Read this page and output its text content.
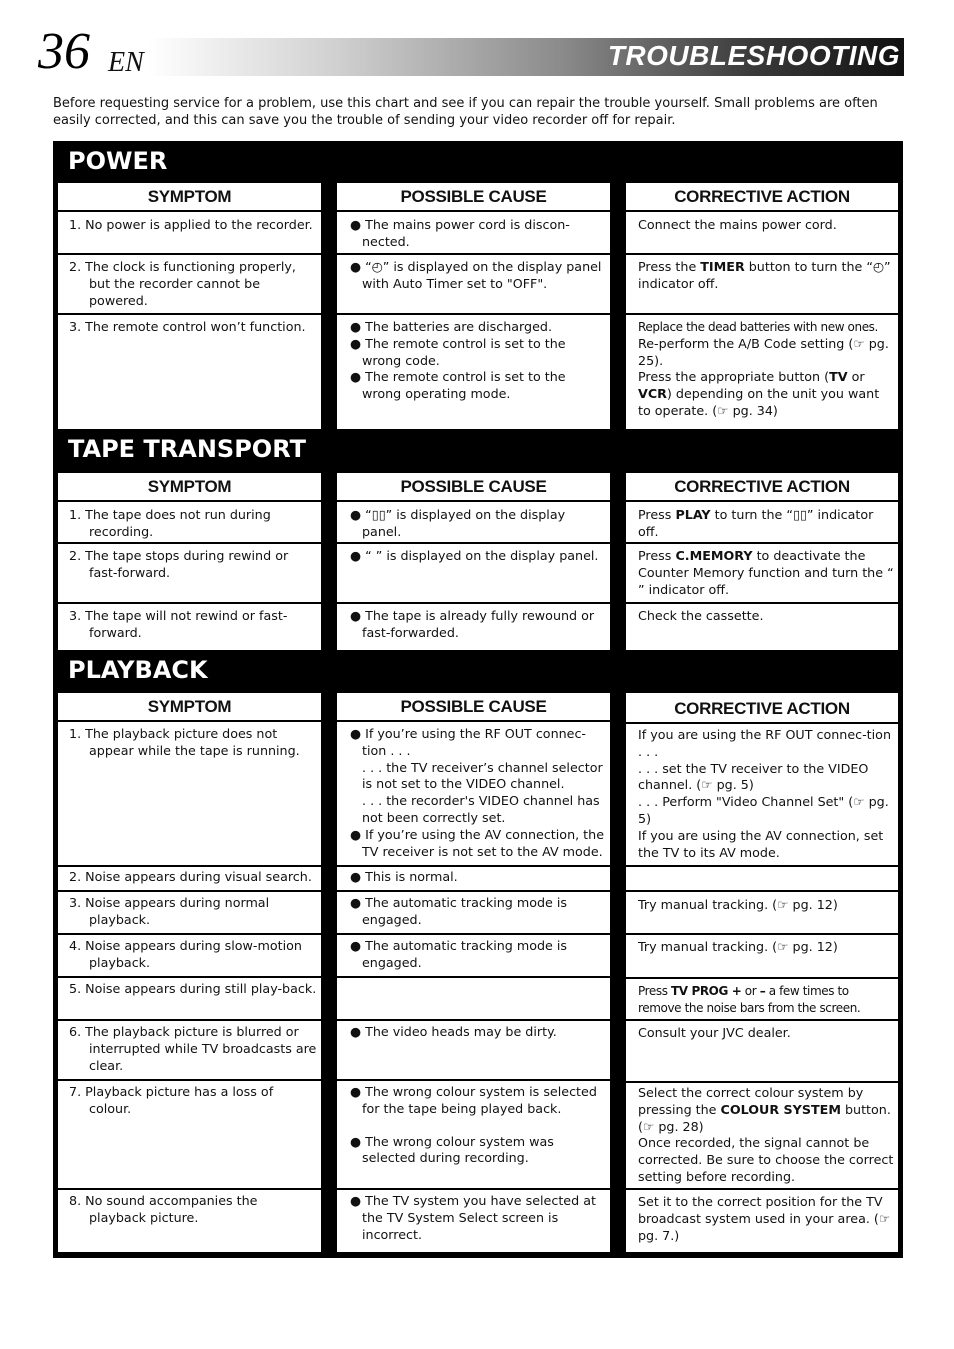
36 EN	TROUBLESHOOTING
Before requesting service for a problem, use this chart and see if you can repair the trouble yourself. Small problems are often easily corrected, and this can save you the trouble of sending your video recorder off for repair.
POWER
SYMPTOM
1. No power is applied to the recorder.
2. The clock is functioning properly, but the recorder cannot be powered.
3. The remote control won’t function.
POSSIBLE CAUSE
● The mains power cord is discon-nected.
● “◴” is displayed on the display panel with Auto Timer set to "OFF".
● The batteries are discharged.
● The remote control is set to the wrong code.
● The remote control is set to the wrong operating mode.
CORRECTIVE ACTION
Connect the mains power cord.
Press the TIMER button to turn the “◴” indicator off.
Replace the dead batteries with new ones.
Re-perform the A/B Code setting (☞ pg. 25).
Press the appropriate button (TV or VCR) depending on the unit you want to operate. (☞ pg. 34)
TAPE TRANSPORT
SYMPTOM
1. The tape does not run during recording.
2. The tape stops during rewind or fast-forward.
3. The tape will not rewind or fast-forward.
POSSIBLE CAUSE
● “▯▯” is displayed on the display panel.
● “ ” is displayed on the display panel.
● The tape is already fully rewound or fast-forwarded.
CORRECTIVE ACTION
Press PLAY to turn the “▯▯” indicator off.
Press C.MEMORY to deactivate the Counter Memory function and turn the “ ” indicator off.
Check the cassette.
PLAYBACK
SYMPTOM
1. The playback picture does not appear while the tape is running.
2. Noise appears during visual search.
3. Noise appears during normal playback.
4. Noise appears during slow-motion playback.
5. Noise appears during still play-back.
6. The playback picture is blurred or interrupted while TV broadcasts are clear.
7. Playback picture has a loss of colour.
8. No sound accompanies the playback picture.
POSSIBLE CAUSE
● If you’re using the RF OUT connec-tion . . .
. . . the TV receiver’s channel selector is not set to the VIDEO channel.
. . . the recorder's VIDEO channel has not been correctly set.
● If you’re using the AV connection, the TV receiver is not set to the AV mode.
● This is normal.
● The automatic tracking mode is engaged.
● The automatic tracking mode is engaged.
● The video heads may be dirty.
● The wrong colour system is selected for the tape being played back.
● The wrong colour system was selected during recording.
● The TV system you have selected at the TV System Select screen is incorrect.
CORRECTIVE ACTION
If you are using the RF OUT connec-tion . . .
. . . set the TV receiver to the VIDEO channel. (☞ pg. 5)
. . . Perform "Video Channel Set" (☞ pg. 5)
If you are using the AV connection, set the TV to its AV mode.
Try manual tracking. (☞ pg. 12)
Try manual tracking. (☞ pg. 12)
Press TV PROG + or – a few times to remove the noise bars from the screen.
Consult your JVC dealer.
Select the correct colour system by pressing the COLOUR SYSTEM button. (☞ pg. 28)
Once recorded, the signal cannot be corrected. Be sure to choose the correct setting before recording.
Set it to the correct position for the TV broadcast system used in your area. (☞ pg. 7.)
